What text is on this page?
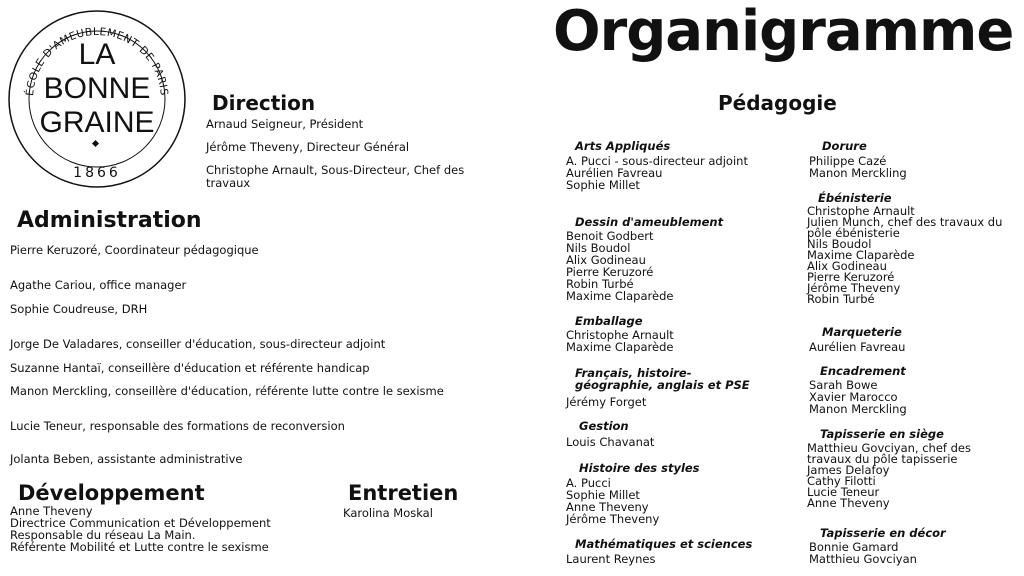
Organigramme
ÉCOLE D'AMEUBLEMENT DE PARIS
LA
BONNE
GRAINE
1866
Direction
Arnaud Seigneur, Président
Jérôme Theveny, Directeur Général
Christophe Arnault, Sous-Directeur, Chef des travaux
Administration
Pierre Keruzoré, Coordinateur pédagogique
Agathe Cariou, office manager
Sophie Coudreuse, DRH
Jorge De Valadares, conseiller d'éducation, sous-directeur adjoint
Suzanne Hantaï, conseillère d'éducation et référente handicap
Manon Merckling, conseillère d'éducation, référente lutte contre le sexisme
Lucie Teneur, responsable des formations de reconversion
Jolanta Beben, assistante administrative
Développement
Anne Theveny
Directrice Communication et Développement
Responsable du réseau La Main.
Référente Mobilité et Lutte contre le sexisme
Entretien
Karolina Moskal
Pédagogie
Arts Appliqués
A. Pucci - sous-directeur adjoint
Aurélien Favreau
Sophie Millet
Dessin d'ameublement
Benoit Godbert
Nils Boudol
Alix Godineau
Pierre Keruzoré
Robin Turbé
Maxime Claparède
Emballage
Christophe Arnault
Maxime Claparède
Français, histoire-géographie, anglais et PSE
Jérémy Forget
Gestion
Louis Chavanat
Histoire des styles
A. Pucci
Sophie Millet
Anne Theveny
Jérôme Theveny
Mathématiques et sciences
Laurent Reynes
Dorure
Philippe Cazé
Manon Merckling
Ébénisterie
Christophe Arnault
Julien Munch, chef des travaux du pôle ébénisterie
Nils Boudol
Maxime Claparède
Alix Godineau
Pierre Keruzoré
Jérôme Theveny
Robin Turbé
Marqueterie
Aurélien Favreau
Encadrement
Sarah Bowe
Xavier Marocco
Manon Merckling
Tapisserie en siège
Matthieu Govciyan, chef des travaux du pôle tapisserie
James Delafoy
Cathy Filotti
Lucie Teneur
Anne Theveny
Tapisserie en décor
Bonnie Gamard
Matthieu Govciyan
